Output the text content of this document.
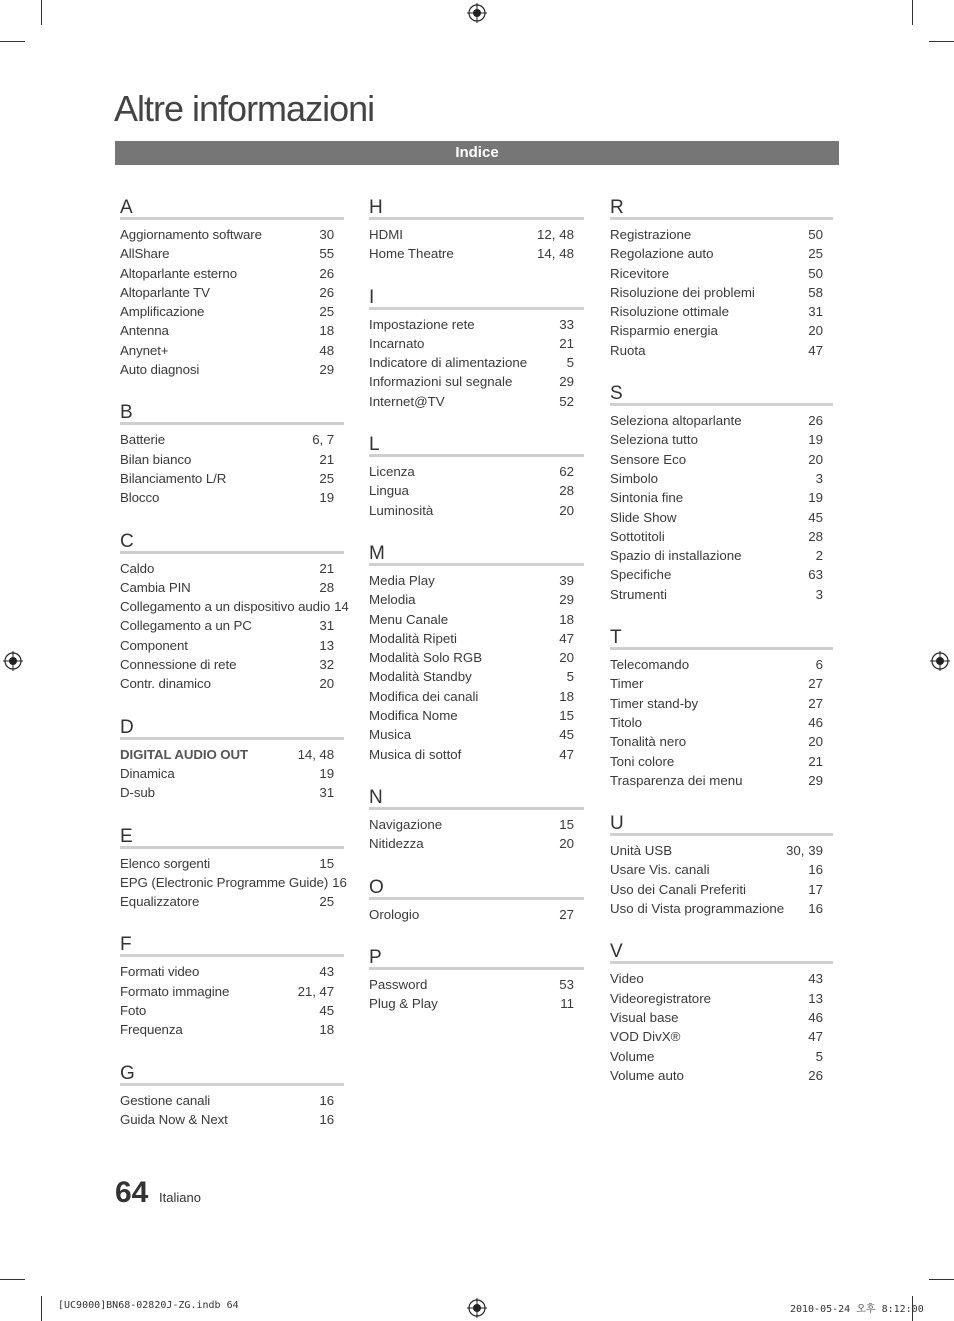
Altre informazioni
Indice
A
Aggiornamento software	30
AllShare	55
Altoparlante esterno	26
Altoparlante TV	26
Amplificazione	25
Antenna	18
Anynet+	48
Auto diagnosi	29
B
Batterie	6, 7
Bilan bianco	21
Bilanciamento L/R	25
Blocco	19
C
Caldo	21
Cambia PIN	28
Collegamento a un dispositivo audio 14
Collegamento a un PC	31
Component	13
Connessione di rete	32
Contr. dinamico	20
D
DIGITAL AUDIO OUT	14, 48
Dinamica	19
D-sub	31
E
Elenco sorgenti	15
EPG (Electronic Programme Guide) 16
Equalizzatore	25
F
Formati video	43
Formato immagine	21, 47
Foto	45
Frequenza	18
G
Gestione canali	16
Guida Now & Next	16
H
HDMI	12, 48
Home Theatre	14, 48
I
Impostazione rete	33
Incarnato	21
Indicatore di alimentazione	5
Informazioni sul segnale	29
Internet@TV	52
L
Licenza	62
Lingua	28
Luminosità	20
M
Media Play	39
Melodia	29
Menu Canale	18
Modalità Ripeti	47
Modalità Solo RGB	20
Modalità Standby	5
Modifica dei canali	18
Modifica Nome	15
Musica	45
Musica di sottof	47
N
Navigazione	15
Nitidezza	20
O
Orologio	27
P
Password	53
Plug & Play	11
R
Registrazione	50
Regolazione auto	25
Ricevitore	50
Risoluzione dei problemi	58
Risoluzione ottimale	31
Risparmio energia	20
Ruota	47
S
Seleziona altoparlante	26
Seleziona tutto	19
Sensore Eco	20
Simbolo	3
Sintonia fine	19
Slide Show	45
Sottotitoli	28
Spazio di installazione	2
Specifiche	63
Strumenti	3
T
Telecomando	6
Timer	27
Timer stand-by	27
Titolo	46
Tonalità nero	20
Toni colore	21
Trasparenza dei menu	29
U
Unità USB	30, 39
Usare Vis. canali	16
Uso dei Canali Preferiti	17
Uso di Vista programmazione	16
V
Video	43
Videoregistratore	13
Visual base	46
VOD DivX®	47
Volume	5
Volume auto	26
64 Italiano
[UC9000]BN68-02820J-ZG.indb 64	2010-05-24 오후 8:12:00
